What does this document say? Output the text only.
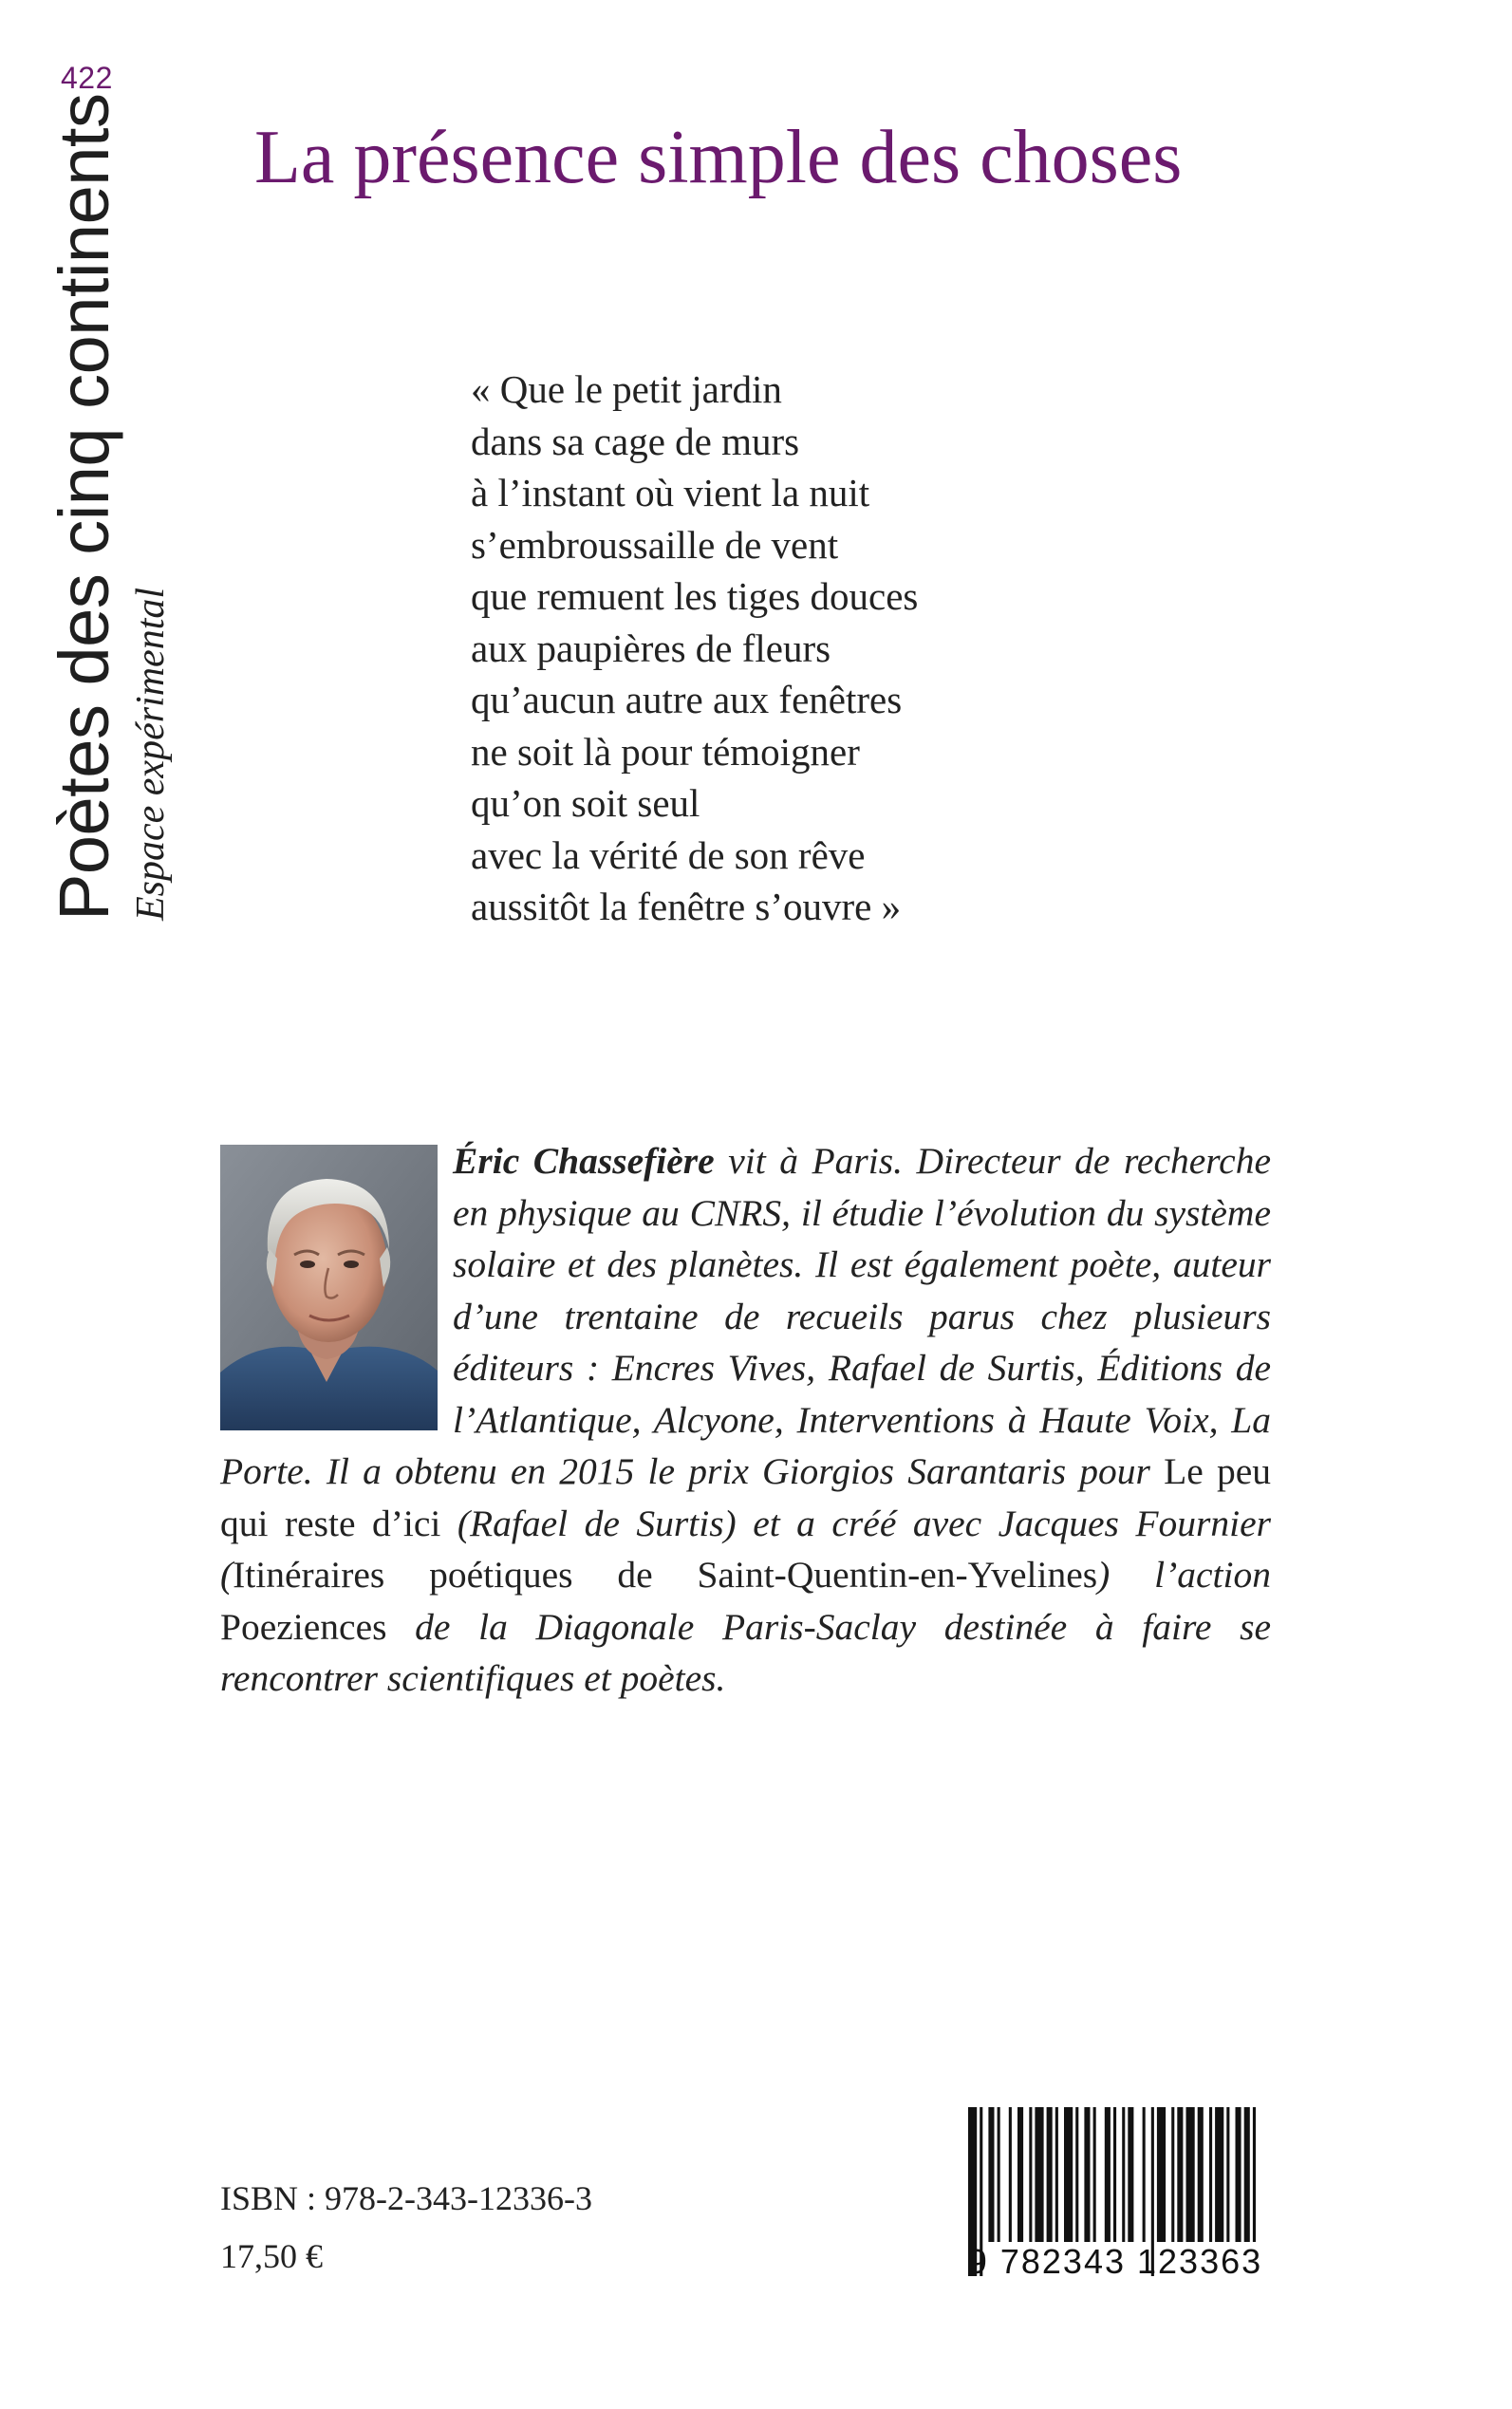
422
Poètes des cinq continents Espace expérimental
La présence simple des choses
« Que le petit jardin
dans sa cage de murs
à l’instant où vient la nuit
s’embroussaille de vent
que remuent les tiges douces
aux paupières de fleurs
qu’aucun autre aux fenêtres
ne soit là pour témoigner
qu’on soit seul
avec la vérité de son rêve
aussitôt la fenêtre s’ouvre »
Éric Chassefière vit à Paris. Directeur de recherche en physique au CNRS, il étudie l’évolution du système solaire et des planètes. Il est également poète, auteur d’une trentaine de recueils parus chez plusieurs éditeurs : Encres Vives, Rafael de Surtis, Éditions de l’Atlantique, Alcyone, Interventions à Haute Voix, La Porte. Il a obtenu en 2015 le prix Giorgios Sarantaris pour Le peu qui reste d’ici (Rafael de Surtis) et a créé avec Jacques Fournier (Itinéraires poétiques de Saint-Quentin-en-Yvelines) l’action Poeziences de la Diagonale Paris-Saclay destinée à faire se rencontrer scientifiques et poètes.
ISBN : 978-2-343-12336-3
17,50 €	9 782343 123363
